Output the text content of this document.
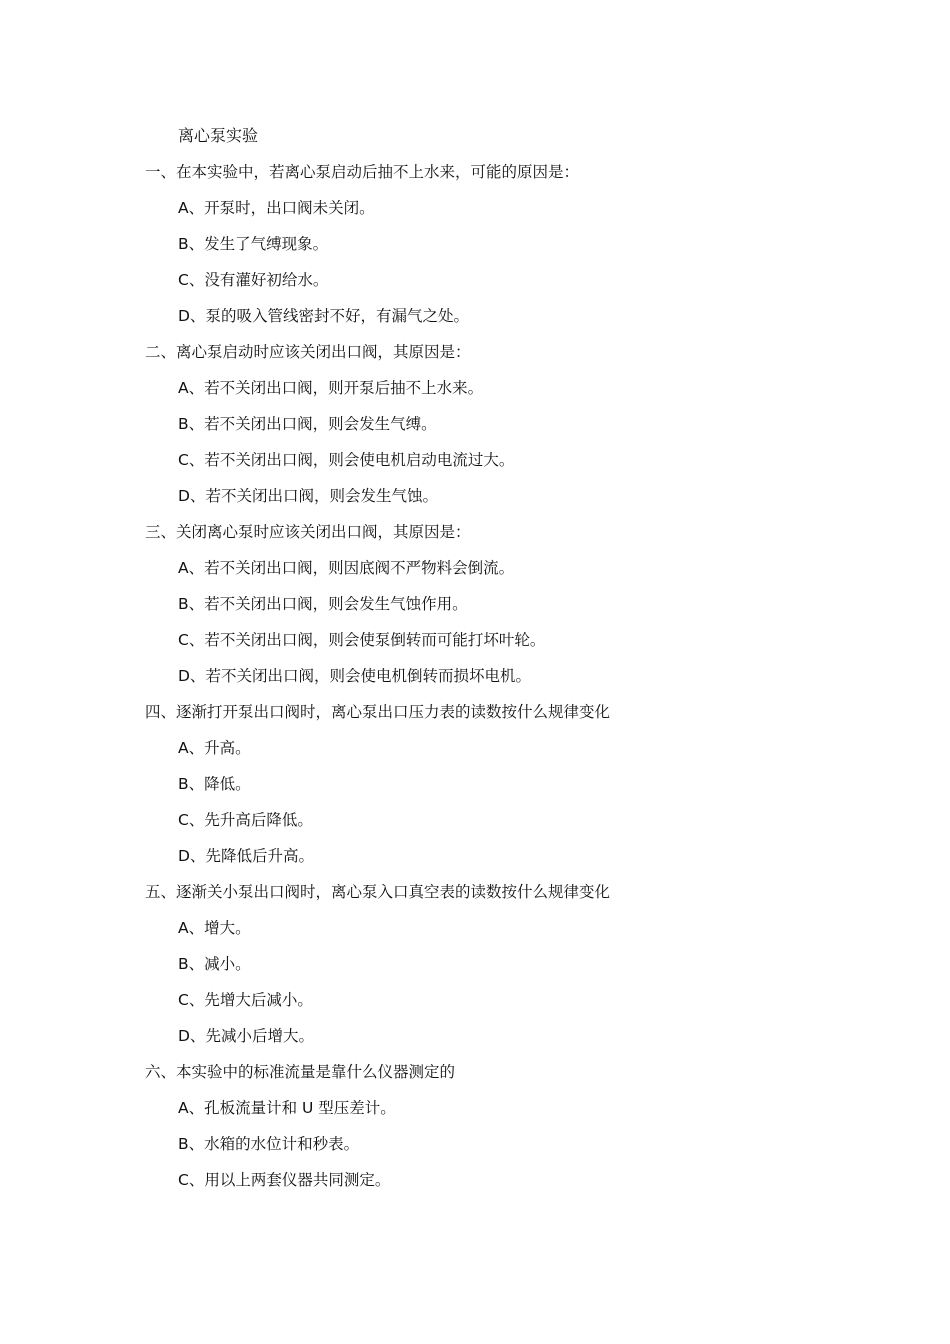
离心泵实验
一、在本实验中，若离心泵启动后抽不上水来，可能的原因是：
A、开泵时，出口阀未关闭。
B、发生了气缚现象。
C、没有灌好初给水。
D、泵的吸入管线密封不好，有漏气之处。
二、离心泵启动时应该关闭出口阀，其原因是：
A、若不关闭出口阀，则开泵后抽不上水来。
B、若不关闭出口阀，则会发生气缚。
C、若不关闭出口阀，则会使电机启动电流过大。
D、若不关闭出口阀，则会发生气蚀。
三、关闭离心泵时应该关闭出口阀，其原因是：
A、若不关闭出口阀，则因底阀不严物料会倒流。
B、若不关闭出口阀，则会发生气蚀作用。
C、若不关闭出口阀，则会使泵倒转而可能打坏叶轮。
D、若不关闭出口阀，则会使电机倒转而损坏电机。
四、逐渐打开泵出口阀时，离心泵出口压力表的读数按什么规律变化
A、升高。
B、降低。
C、先升高后降低。
D、先降低后升高。
五、逐渐关小泵出口阀时，离心泵入口真空表的读数按什么规律变化
A、增大。
B、减小。
C、先增大后减小。
D、先减小后增大。
六、本实验中的标准流量是靠什么仪器测定的
A、孔板流量计和 U 型压差计。
B、水箱的水位计和秒表。
C、用以上两套仪器共同测定。
